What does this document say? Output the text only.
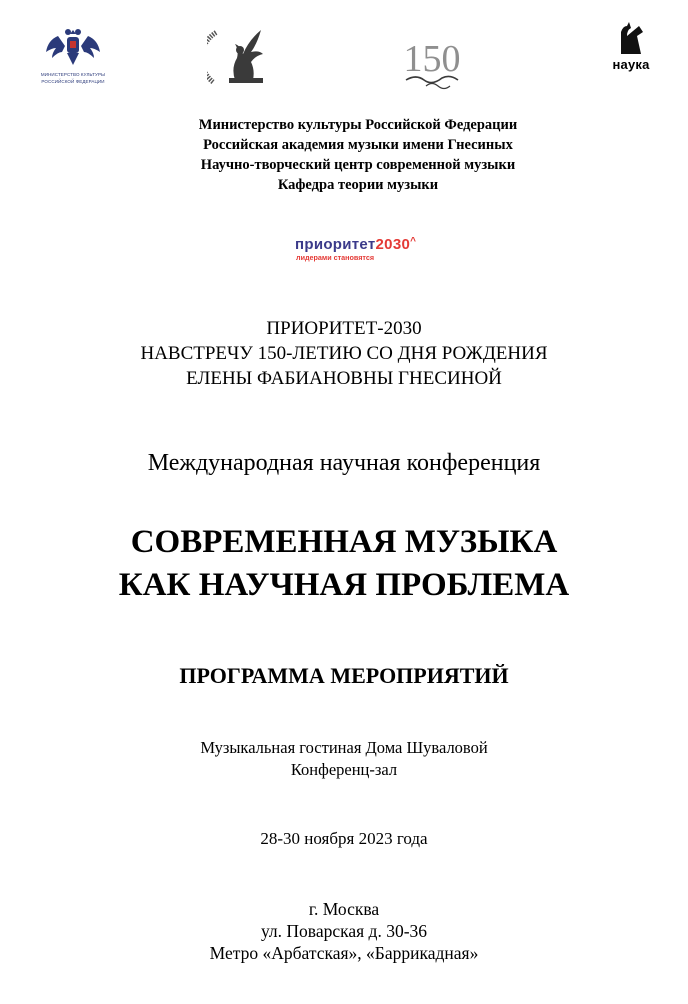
МИНИСТЕРСТВО КУЛЬТУРЫ
РОССИЙСКОЙ ФЕДЕРАЦИИ
150	наука
Министерство культуры Российской Федерации
Российская академия музыки имени Гнесиных
Научно-творческий центр современной музыки
Кафедра теории музыки
приоритет2030^
лидерами становятся
ПРИОРИТЕТ-2030
НАВСТРЕЧУ 150-ЛЕТИЮ СО ДНЯ РОЖДЕНИЯ
ЕЛЕНЫ ФАБИАНОВНЫ ГНЕСИНОЙ
Международная научная конференция
СОВРЕМЕННАЯ МУЗЫКА
КАК НАУЧНАЯ ПРОБЛЕМА
ПРОГРАММА МЕРОПРИЯТИЙ
Музыкальная гостиная Дома Шуваловой
Конференц-зал
28-30 ноября 2023 года
г. Москва
ул. Поварская д. 30-36
Метро «Арбатская», «Баррикадная»
